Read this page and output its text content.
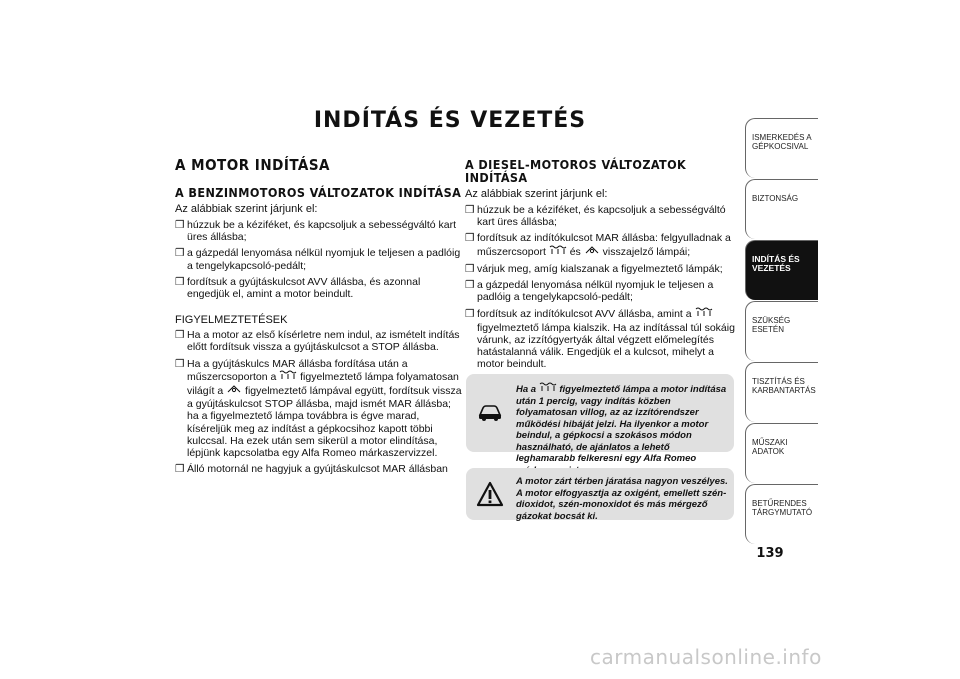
INDÍTÁS ÉS VEZETÉS
A MOTOR INDÍTÁSA
A BENZINMOTOROS VÁLTOZATOK INDÍTÁSA
Az alábbiak szerint járjunk el:
❒ húzzuk be a kéziféket, és kapcsoljuk a sebességváltó kart üres állásba;
❒ a gázpedál lenyomása nélkül nyomjuk le teljesen a padlóig a tengelykapcsoló-pedált;
❒ fordítsuk a gyújtáskulcsot AVV állásba, és azonnal engedjük el, amint a motor beindult.
FIGYELMEZTETÉSEK
❒ Ha a motor az első kísérletre nem indul, az ismételt indítás előtt fordítsuk vissza a gyújtáskulcsot a STOP állásba.
❒ Ha a gyújtáskulcs MAR állásba fordítása után a műszercsoporton a figyelmeztető lámpa folyamatosan világít a figyelmeztető lámpával együtt, fordítsuk vissza a gyújtáskulcsot STOP állásba, majd ismét MAR állásba; ha a figyelmeztető lámpa továbbra is égve marad, kíséreljük meg az indítást a gépkocsihoz kapott többi kulccsal. Ha ezek után sem sikerül a motor elindítása, lépjünk kapcsolatba egy Alfa Romeo márkaszervizzel.
❒ Álló motornál ne hagyjuk a gyújtáskulcsot MAR állásban
A DIESEL-MOTOROS VÁLTOZATOK INDÍTÁSA
Az alábbiak szerint járjunk el:
❒ húzzuk be a kéziféket, és kapcsoljuk a sebességváltó kart üres állásba;
❒ fordítsuk az indítókulcsot MAR állásba: felgyulladnak a műszercsoport és visszajelző lámpái;
❒ várjuk meg, amíg kialszanak a figyelmeztető lámpák;
❒ a gázpedál lenyomása nélkül nyomjuk le teljesen a padlóig a tengelykapcsoló-pedált;
❒ fordítsuk az indítókulcsot AVV állásba, amint a  figyelmeztető lámpa kialszik. Ha az indítással túl sokáig várunk, az izzítógyertyák által végzett előmelegítés hatástalanná válik. Engedjük el a kulcsot, mihelyt a motor beindult.
Ha a figyelmeztető lámpa a motor indítása után 1 percig, vagy indítás közben folyamatosan villog, az az izzítórendszer működési hibáját jelzi. Ha ilyenkor a motor beindul, a gépkocsi a szokásos módon használható, de ajánlatos a lehető leghamarabb felkeresni egy Alfa Romeo
A motor zárt térben járatása nagyon veszélyes. A motor elfogyasztja az oxigént, emellett szén-dioxidot, szén-monoxidot és más mérgező gázokat bocsát ki.
ISMERKEDÉS A GÉPKOCSIVAL
BIZTONSÁG
INDÍTÁS ÉS VEZETÉS
SZÜKSÉG ESETÉN
TISZTÍTÁS ÉS KARBANTARTÁS
MŰSZAKI ADATOK
BETŰRENDES TÁRGYMUTATÓ
139
carmanualsonline.info
